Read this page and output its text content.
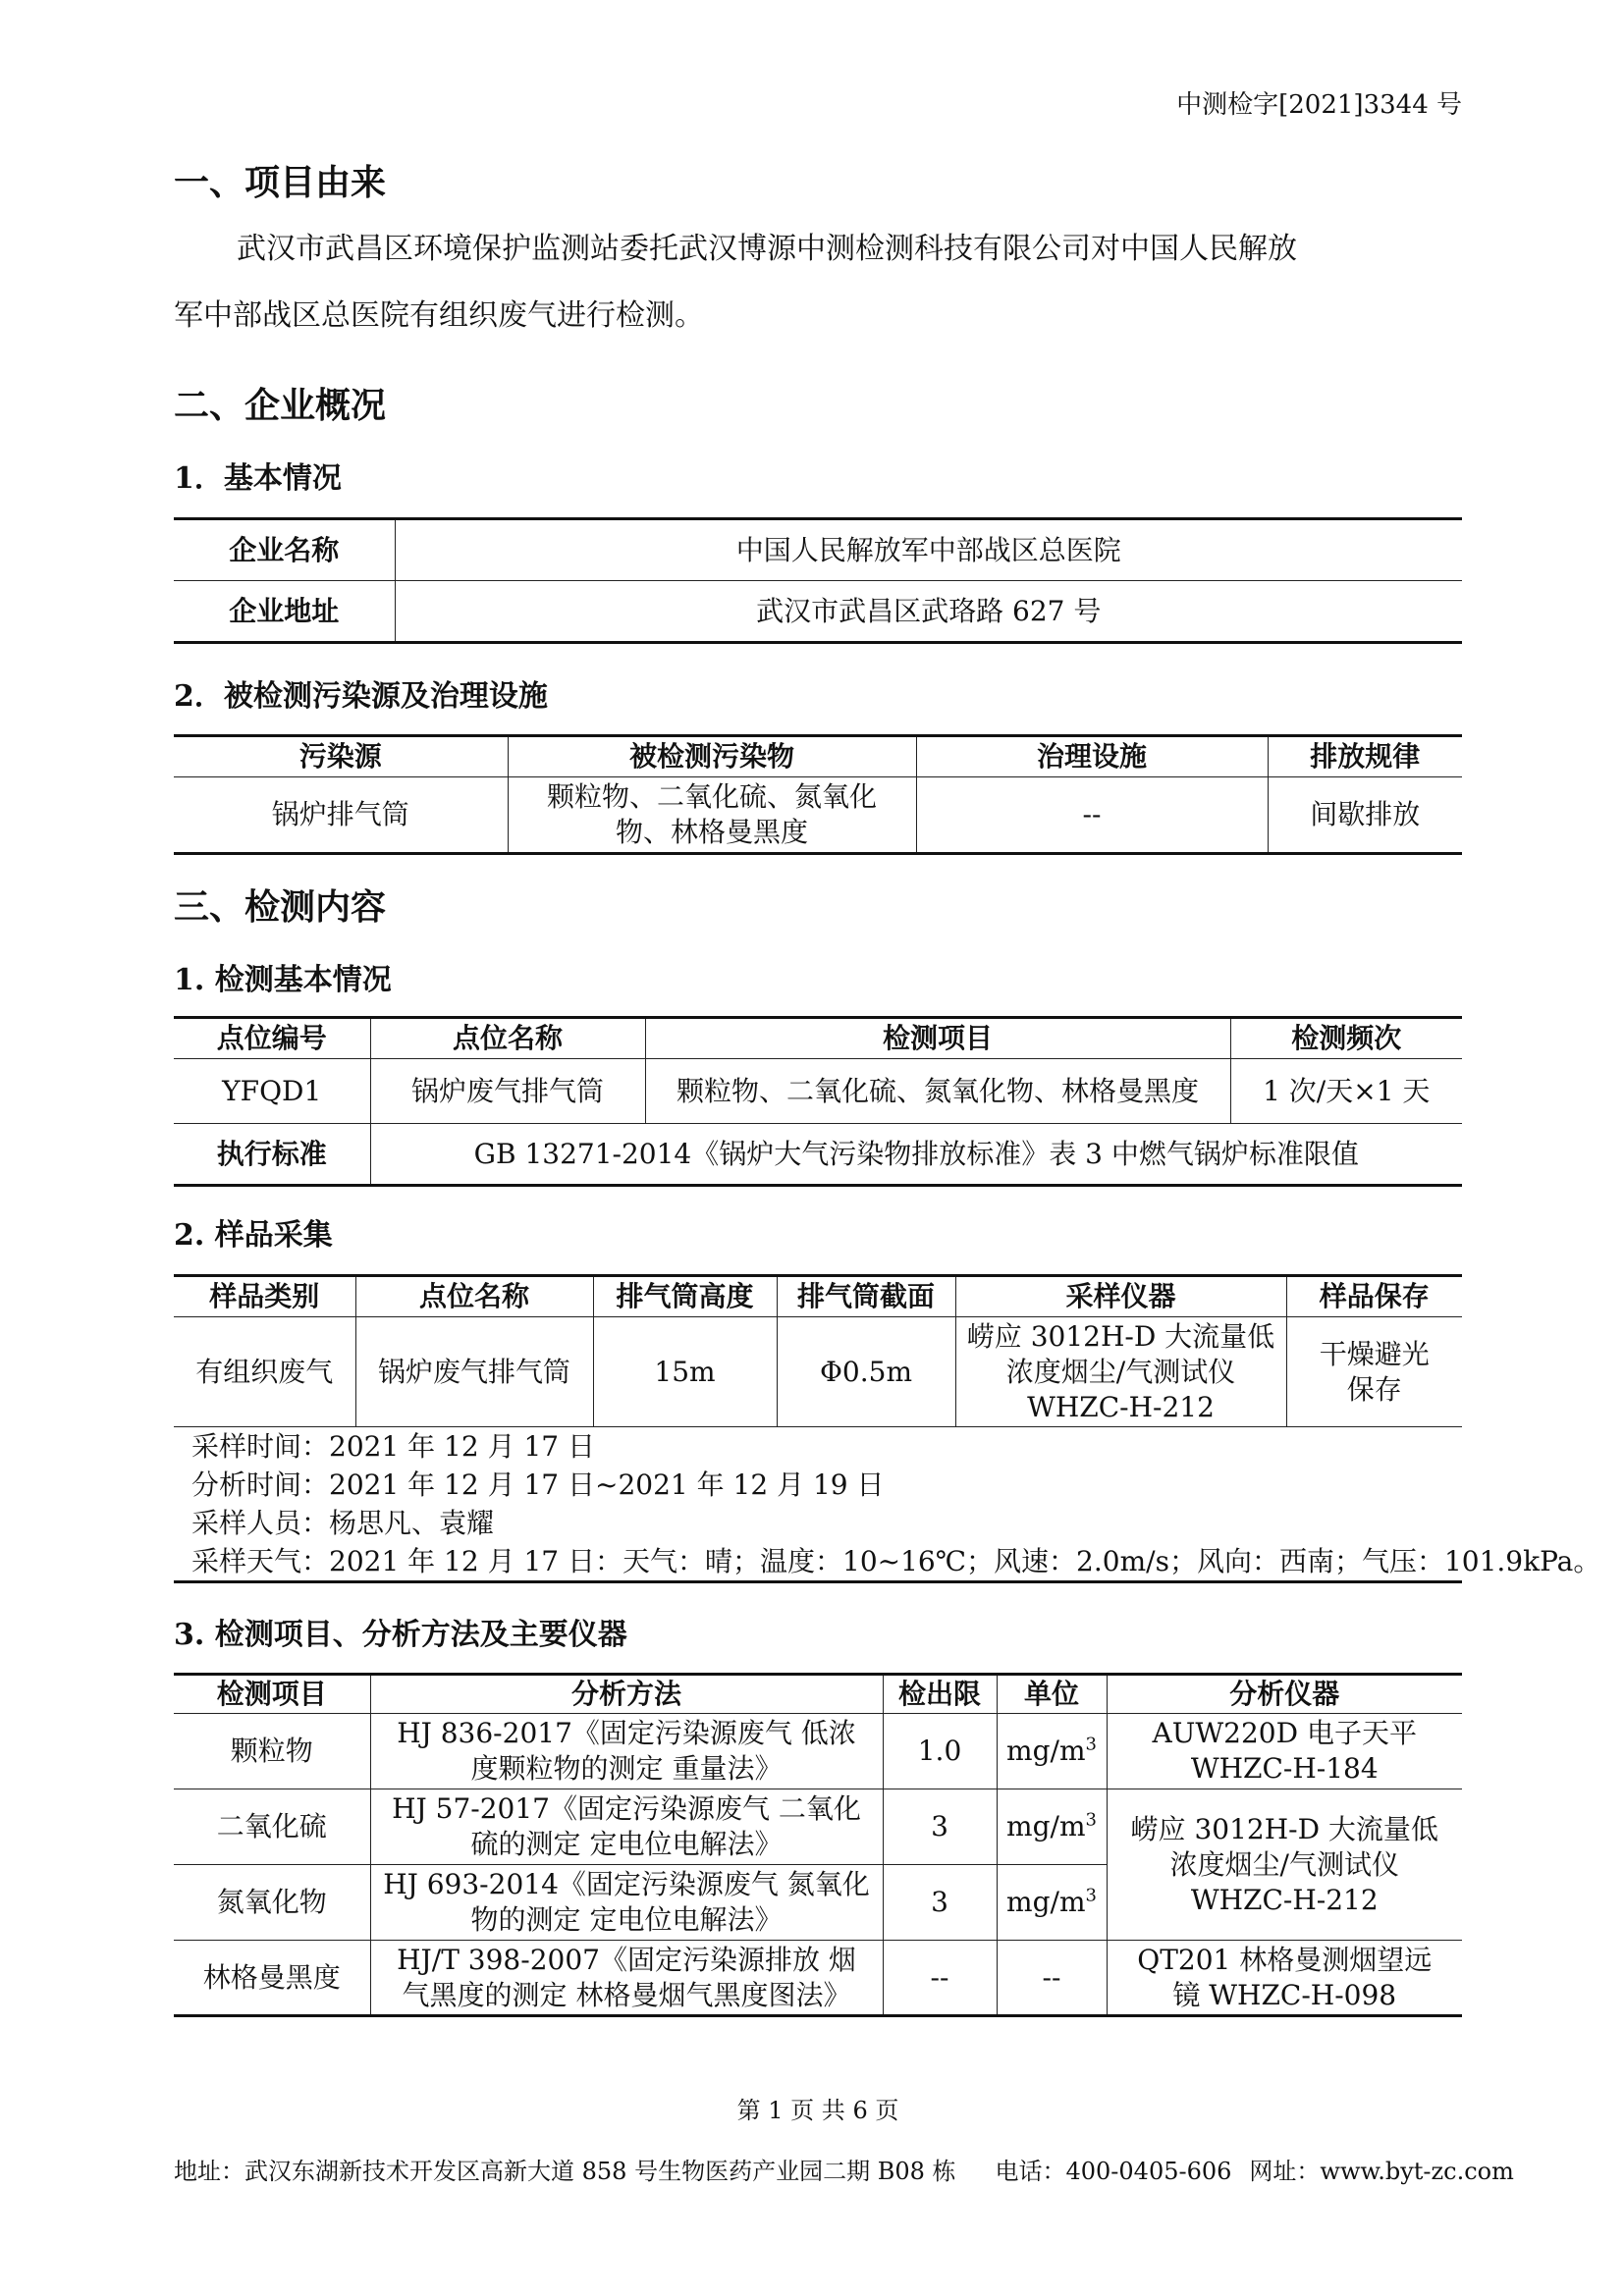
中测检字[2021]3344 号
一、项目由来

武汉市武昌区环境保护监测站委托武汉博源中测检测科技有限公司对中国人民解放
军中部战区总医院有组织废气进行检测。

二、企业概况
1．基本情况
企业名称	中国人民解放军中部战区总医院
企业地址	武汉市武昌区武珞路 627 号
2．被检测污染源及治理设施
污染源	被检测污染物	治理设施	排放规律
锅炉排气筒	颗粒物、二氧化硫、氮氧化
物、林格曼黑度	--	间歇排放
三、检测内容
1. 检测基本情况
点位编号	点位名称	检测项目	检测频次
YFQD1	锅炉废气排气筒	颗粒物、二氧化硫、氮氧化物、林格曼黑度	1 次/天×1 天
执行标准	GB 13271-2014《锅炉大气污染物排放标准》表 3 中燃气锅炉标准限值		
2. 样品采集
样品类别	点位名称	排气筒高度	排气筒截面	采样仪器	样品保存
有组织废气	锅炉废气排气筒	15m	Φ0.5m	崂应 3012H-D 大流量低
浓度烟尘/气测试仪
WHZC-H-212	干燥避光
保存
采样时间：2021 年 12 月 17 日
分析时间：2021 年 12 月 17 日~2021 年 12 月 19 日
采样人员：杨思凡、袁耀
采样天气：2021 年 12 月 17 日：天气：晴；温度：10~16℃；风速：2.0m/s；风向：西南；气压：101.9kPa。
3. 检测项目、分析方法及主要仪器
检测项目	分析方法	检出限	单位	分析仪器
颗粒物	HJ 836-2017《固定污染源废气 低浓
度颗粒物的测定 重量法》	1.0	$mg/m^3$	AUW220D 电子天平
WHZC-H-184
二氧化硫	HJ 57-2017《固定污染源废气 二氧化
硫的测定 定电位电解法》	3	$mg/m^3$	崂应 3012H-D 大流量低
浓度烟尘/气测试仪
WHZC-H-212
氮氧化物	HJ 693-2014《固定污染源废气 氮氧化
物的测定 定电位电解法》	3	$mg/m^3$
林格曼黑度	HJ/T 398-2007《固定污染源排放 烟
气黑度的测定 林格曼烟气黑度图法》	--	--	QT201 林格曼测烟望远
镜 WHZC-H-098
第 1 页 共 6 页
地址：武汉东湖新技术开发区高新大道 858 号生物医药产业园二期 B08 栋 电话：400-0405-606 网址：www.byt-zc.com
